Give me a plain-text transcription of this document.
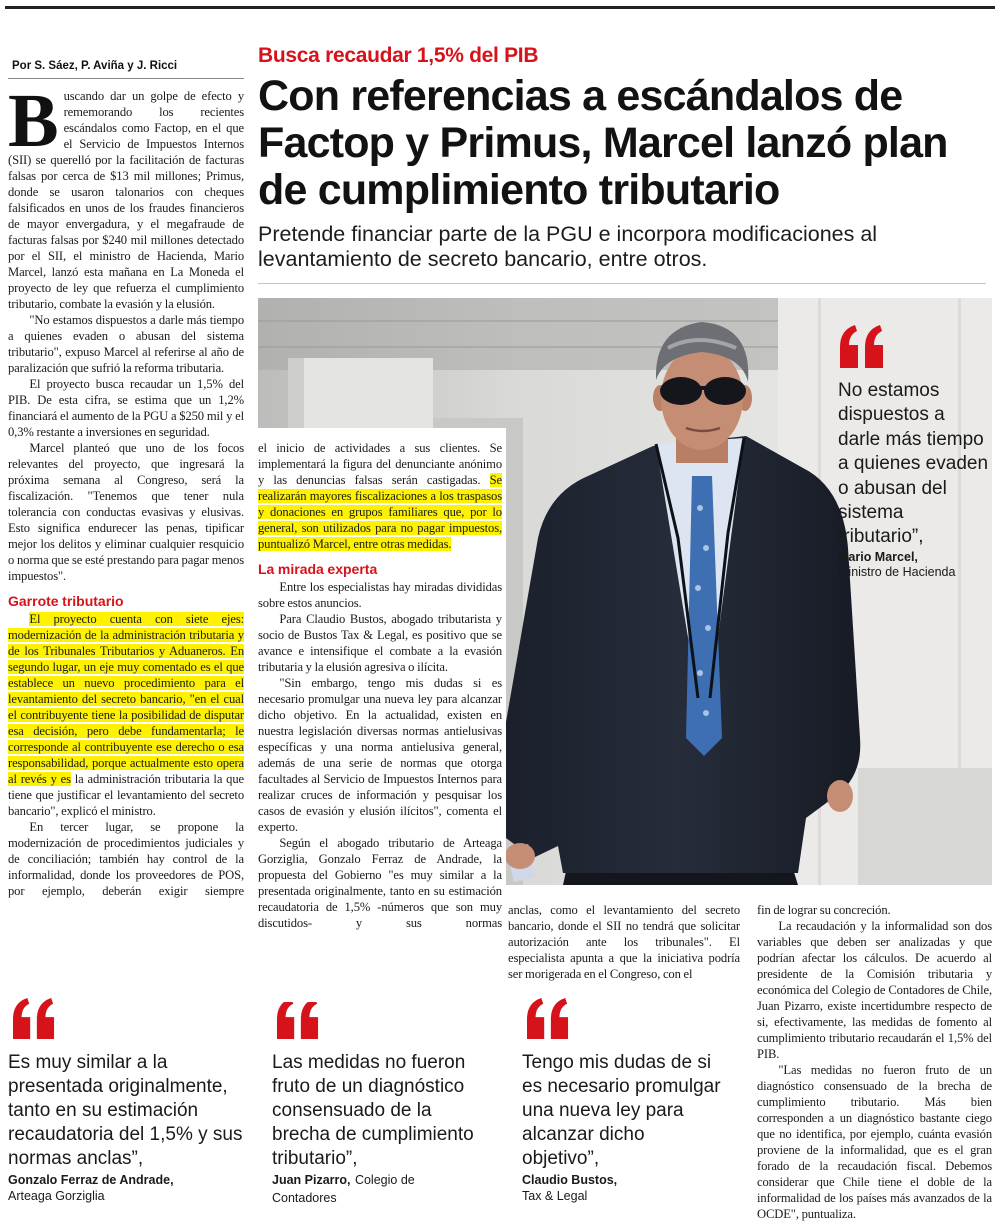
Por S. Sáez, P. Aviña y J. Ricci	Busca recaudar 1,5% del PIB
Con referencias a escándalos de Factop y Primus, Marcel lanzó plan de cumplimiento tributario
Pretende financiar parte de la PGU e incorpora modificaciones al levantamiento de secreto bancario, entre otros.

Buscando dar un golpe de efecto y rememorando los recientes escándalos como Factop, en el que el Servicio de Impuestos Internos (SII) se querelló por la facilitación de facturas falsas por cerca de $13 mil millones; Primus, donde se usaron talonarios con cheques falsificados en unos de los fraudes financieros de mayor envergadura, y el megafraude de facturas falsas por $240 mil millones detectado por el SII, el ministro de Hacienda, Mario Marcel, lanzó esta mañana en La Moneda el proyecto de ley que refuerza el cumplimiento tributario, combate la evasión y la elusión.

"No estamos dispuestos a darle más tiempo a quienes evaden o abusan del sistema tributario", expuso Marcel al referirse al año de paralización que sufrió la reforma tributaria.

El proyecto busca recaudar un 1,5% del PIB. De esta cifra, se estima que un 1,2% financiará el aumento de la PGU a $250 mil y el 0,3% restante a inversiones en seguridad.

Marcel planteó que uno de los focos relevantes del proyecto, que ingresará la próxima semana al Congreso, será la fiscalización. "Tenemos que tener nula tolerancia con conductas evasivas y elusivas. Esto significa endurecer las penas, tipificar mejor los delitos y eliminar cualquier resquicio o norma que se esté prestando para pagar menos impuestos".

Garrote tributario

El proyecto cuenta con siete ejes: modernización de la administración tributaria y de los Tribunales Tributarios y Aduaneros. En segundo lugar, un eje muy comentado es el que establece un nuevo procedimiento para el levantamiento del secreto bancario, "en el cual el contribuyente tiene la posibilidad de disputar esa decisión, pero debe fundamentarla; le corresponde al contribuyente ese derecho o esa responsabilidad, porque actualmente esto opera al revés y es la administración tributaria la que tiene que justificar el levantamiento del secreto bancario", explicó el ministro.

En tercer lugar, se propone la modernización de procedimientos judiciales y de conciliación; también hay control de la informalidad, donde los proveedores de POS, por ejemplo, deberán exigir siempre

No estamos dispuestos a darle más tiempo a quienes evaden o abusan del sistema tributario”,
Mario Marcel,
ministro de Hacienda

el inicio de actividades a sus clientes. Se implementará la figura del denunciante anónimo y las denuncias falsas serán castigadas. Se realizarán mayores fiscalizaciones a los traspasos y donaciones en grupos familiares que, por lo general, son utilizados para no pagar impuestos, puntualizó Marcel, entre otras medidas.

La mirada experta

Entre los especialistas hay miradas divididas sobre estos anuncios.

Para Claudio Bustos, abogado tributarista y socio de Bustos Tax & Legal, es positivo que se avance e intensifique el combate a la evasión tributaria y la elusión agresiva o ilícita.

"Sin embargo, tengo mis dudas si es necesario promulgar una nueva ley para alcanzar dicho objetivo. En la actualidad, existen en nuestra legislación diversas normas antielusivas específicas y una norma antielusiva general, además de una serie de normas que otorga facultades al Servicio de Impuestos Internos para realizar cruces de información y pesquisar los casos de evasión y elusión ilícitos", comenta el experto.

Según el abogado tributario de Arteaga Gorziglia, Gonzalo Ferraz de Andrade, la propuesta del Gobierno "es muy similar a la presentada originalmente, tanto en su estimación recaudatoria de 1,5% -números que son muy discutidos- y sus normas

anclas, como el levantamiento del secreto bancario, donde el SII no tendrá que solicitar autorización ante los tribunales". El especialista apunta a que la iniciativa podría ser morigerada en el Congreso, con el

fin de lograr su concreción.

La recaudación y la informalidad son dos variables que deben ser analizadas y que podrían afectar los cálculos. De acuerdo al presidente de la Comisión tributaria y económica del Colegio de Contadores de Chile, Juan Pizarro, existe incertidumbre respecto de si, efectivamente, las medidas de fomento al cumplimiento tributario recaudarán el 1,5% del PIB.

"Las medidas no fueron fruto de un diagnóstico consensuado de la brecha de cumplimiento tributario. Más bien corresponden a un diagnóstico bastante ciego que no identifica, por ejemplo, cuánta evasión proviene de la informalidad, que es el gran forado de la recaudación fiscal. Debemos considerar que Chile tiene el doble de la informalidad de los países más avanzados de la OCDE", puntualiza.

Es muy similar a la presentada originalmente, tanto en su estimación recaudatoria del 1,5% y sus normas anclas”,
Gonzalo Ferraz de Andrade,
Arteaga Gorziglia
Las medidas no fueron fruto de un diagnóstico consensuado de la brecha de cumplimiento tributario”,
Juan Pizarro, Colegio de Contadores
Tengo mis dudas de si es necesario promulgar una nueva ley para alcanzar dicho objetivo”,
Claudio Bustos,
Tax & Legal
